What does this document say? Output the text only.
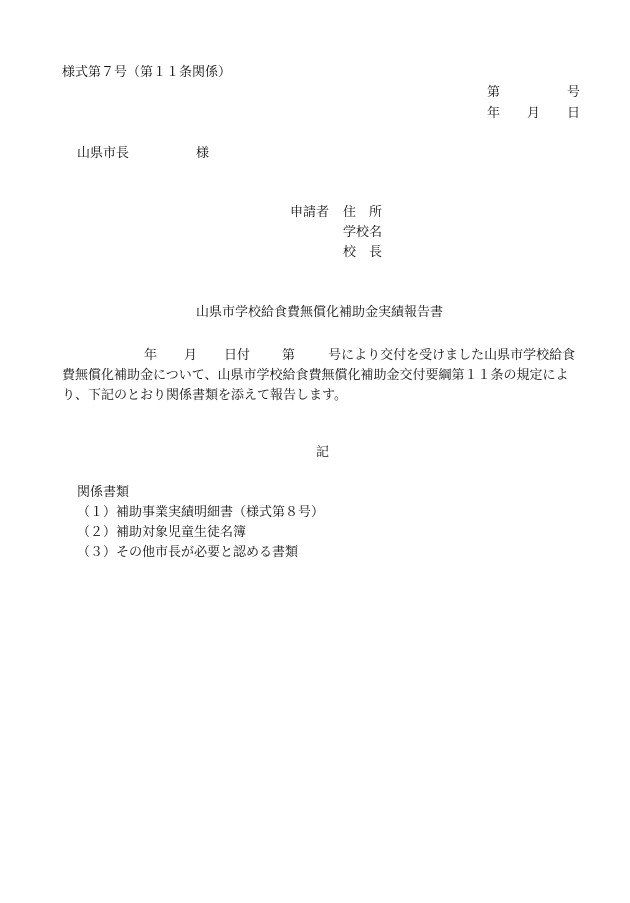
様式第７号（第１１条関係）
第	号
年 月 日
山県市長	様
申請者 住　所
学校名
校　長
山県市学校給食費無償化補助金実績報告書
年 月 日付 第	号により交付を受けました山県市学校給食費無償化補助金について、山県市学校給食費無償化補助金交付要綱第１１条の規定により、下記のとおり関係書類を添えて報告します。
記
関係書類
（１）補助事業実績明細書（様式第８号）
（２）補助対象児童生徒名簿
（３）その他市長が必要と認める書類
